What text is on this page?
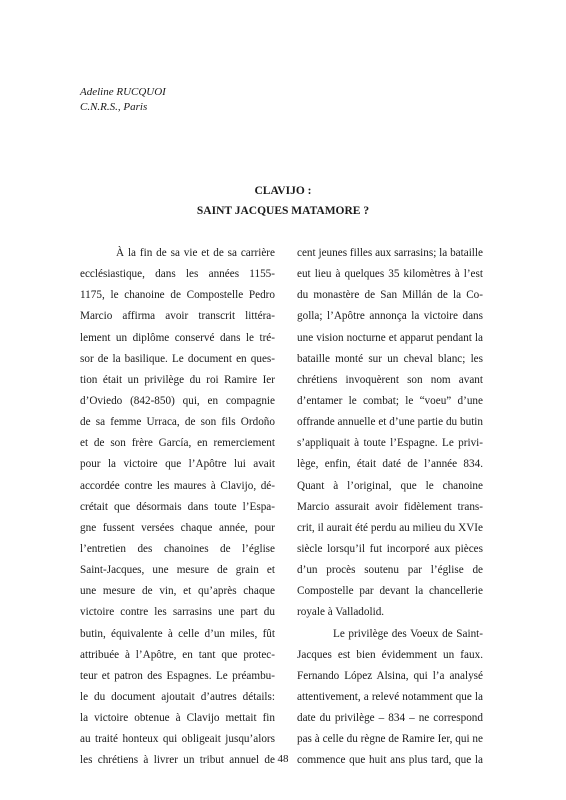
Adeline RUCQUOI
C.N.R.S., Paris
CLAVIJO :
SAINT JACQUES MATAMORE ?
À la fin de sa vie et de sa carrière
ecclésiastique, dans les années 1155-
1175, le chanoine de Compostelle Pedro
Marcio affirma avoir transcrit littéra-
lement un diplôme conservé dans le tré-
sor de la basilique. Le document en ques-
tion était un privilège du roi Ramire Ier
d’Oviedo (842-850) qui, en compagnie
de sa femme Urraca, de son fils Ordoño
et de son frère García, en remerciement
pour la victoire que l’Apôtre lui avait
accordée contre les maures à Clavijo, dé-
crétait que désormais dans toute l’Espa-
gne fussent versées chaque année, pour
l’entretien des chanoines de l’église
Saint-Jacques, une mesure de grain et
une mesure de vin, et qu’après chaque
victoire contre les sarrasins une part du
butin, équivalente à celle d’un miles, fût
attribuée à l’Apôtre, en tant que protec-
teur et patron des Espagnes. Le préambu-
le du document ajoutait d’autres détails:
la victoire obtenue à Clavijo mettait fin
au traité honteux qui obligeait jusqu’alors
les chrétiens à livrer un tribut annuel de
cent jeunes filles aux sarrasins; la bataille
eut lieu à quelques 35 kilomètres à l’est
du monastère de San Millán de la Co-
golla; l’Apôtre annonça la victoire dans
une vision nocturne et apparut pendant la
bataille monté sur un cheval blanc; les
chrétiens invoquèrent son nom avant
d’entamer le combat; le “voeu” d’une
offrande annuelle et d’une partie du butin
s’appliquait à toute l’Espagne. Le privi-
lège, enfin, était daté de l’année 834.
Quant à l’original, que le chanoine
Marcio assurait avoir fidèlement trans-
crit, il aurait été perdu au milieu du XVIe
siècle lorsqu’il fut incorporé aux pièces
d’un procès soutenu par l’église de
Compostelle par devant la chancellerie
royale à Valladolid.
Le privilège des Voeux de Saint-
Jacques est bien évidemment un faux.
Fernando López Alsina, qui l’a analysé
attentivement, a relevé notamment que la
date du privilège – 834 – ne correspond
pas à celle du règne de Ramire Ier, qui ne
commence que huit ans plus tard, que la
48
